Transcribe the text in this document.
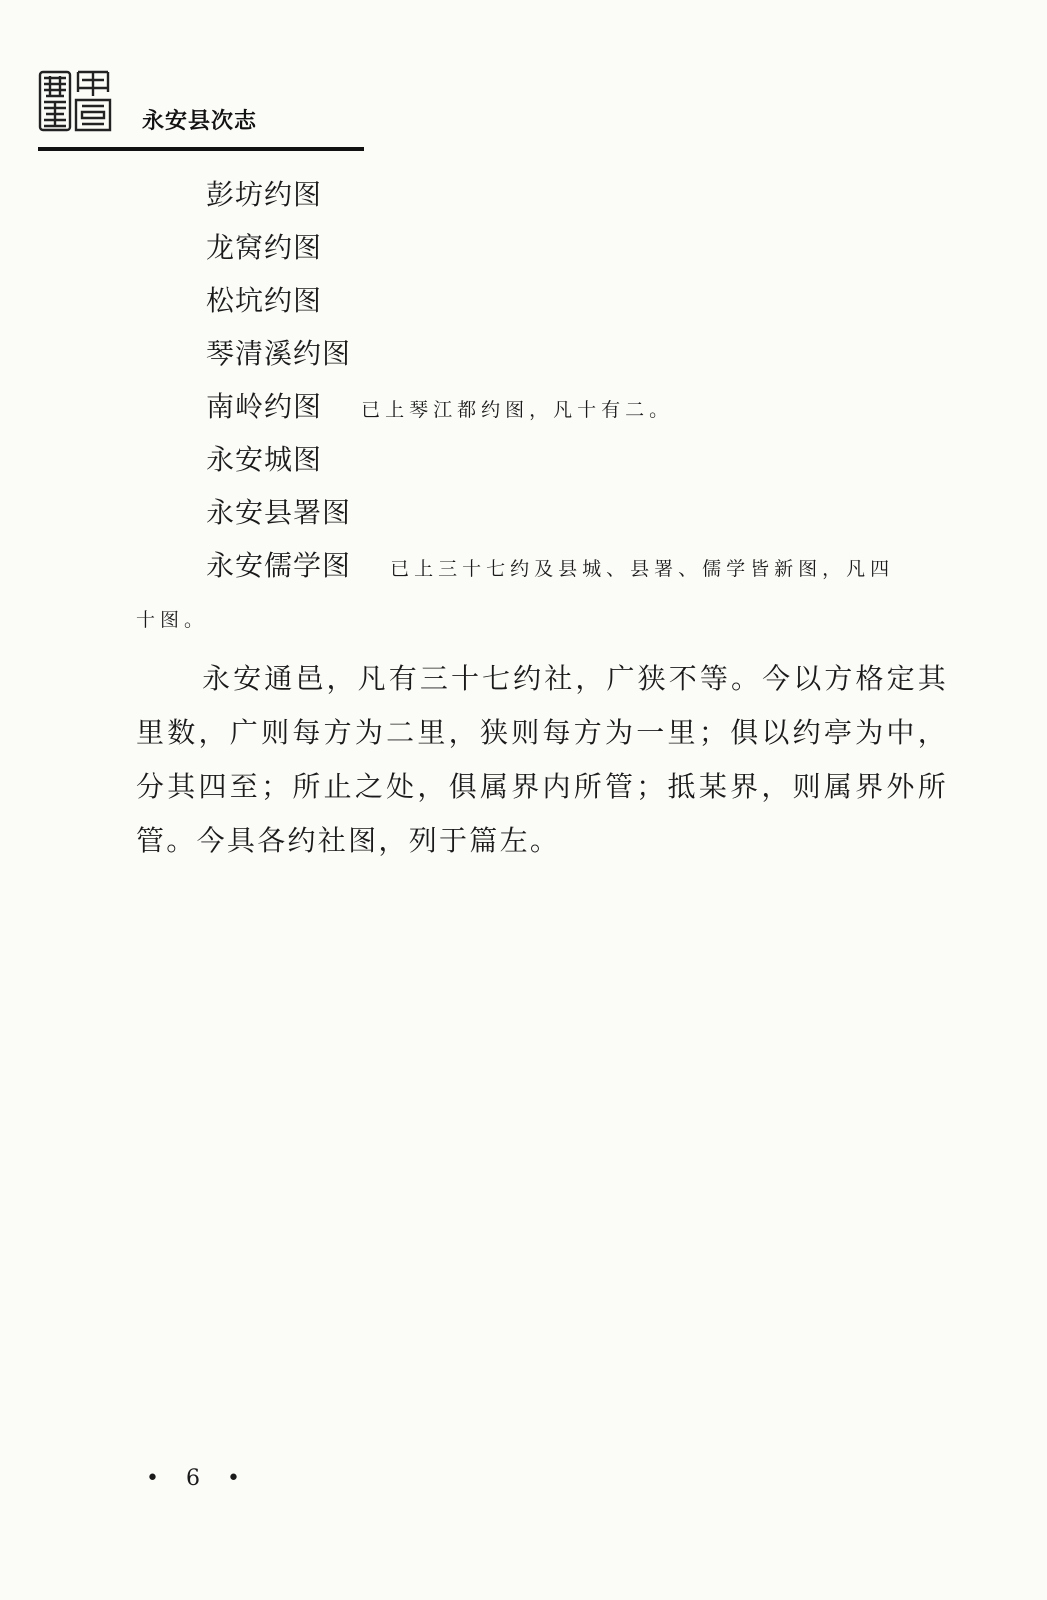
永安县次志
彭坊约图
龙窝约图
松坑约图
琴清溪约图
南岭约图 已上琴江都约图，凡十有二。
永安城图
永安县署图
永安儒学图 已上三十七约及县城、县署、儒学皆新图，凡四
十图。
永安通邑，凡有三十七约社，广狭不等。今以方格定其里数，广则每方为二里，狭则每方为一里；俱以约亭为中，分其四至；所止之处，俱属界内所管；抵某界，则属界外所管。今具各约社图，列于篇左。
• 6 •
